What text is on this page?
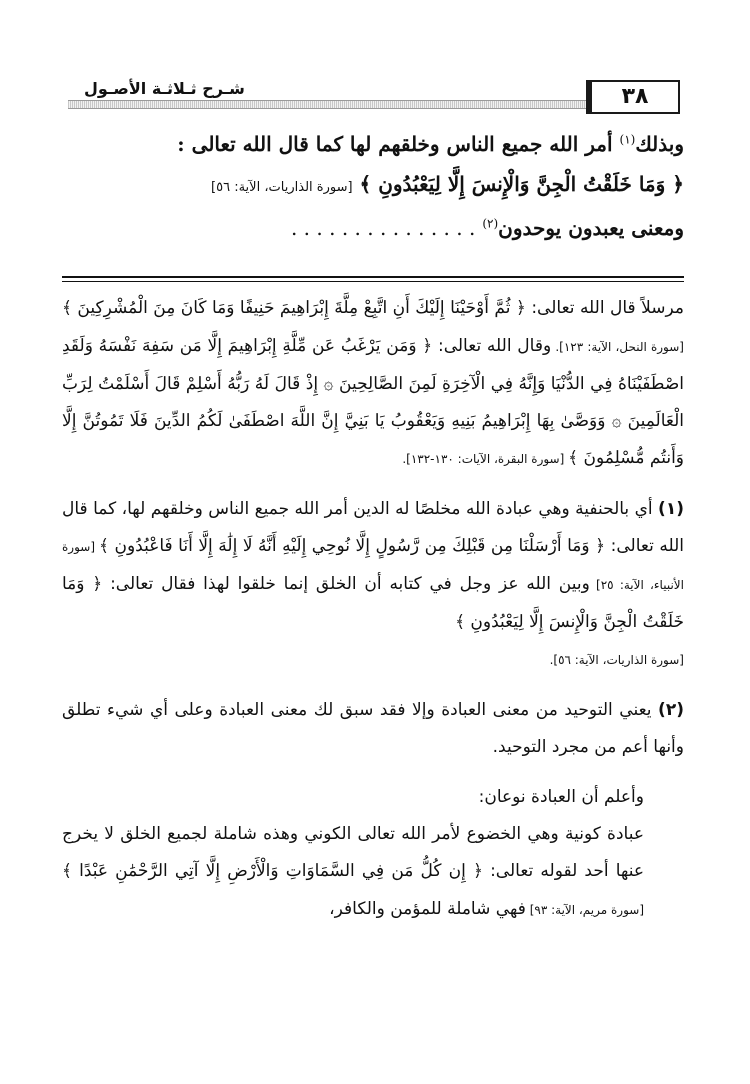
شـرح ثـلاثـة الأصـول	٣٨

وبذلك$^{(١)}$ أمر الله جميع الناس وخلقهم لها كما قال الله تعالى :

﴿ وَمَا خَلَقْتُ الْجِنَّ وَالْإِنسَ إِلَّا لِيَعْبُدُونِ ﴾ [سورة الذاريات، الآية: ٥٦]

ومعنى يعبدون يوحدون$^{(٢)}$ . . . . . . . . . . . . . . .

مرسلاً قال الله تعالى: ﴿ ثُمَّ أَوْحَيْنَا إِلَيْكَ أَنِ اتَّبِعْ مِلَّةَ إِبْرَاهِيمَ حَنِيفًا وَمَا كَانَ مِنَ الْمُشْرِكِينَ ﴾ [سورة النحل، الآية: ١٢٣]. وقال الله تعالى: ﴿ وَمَن يَرْغَبُ عَن مِّلَّةِ إِبْرَاهِيمَ إِلَّا مَن سَفِهَ نَفْسَهُ وَلَقَدِ اصْطَفَيْنَاهُ فِي الدُّنْيَا وَإِنَّهُ فِي الْآخِرَةِ لَمِنَ الصَّالِحِينَ ۞ إِذْ قَالَ لَهُ رَبُّهُ أَسْلِمْ قَالَ أَسْلَمْتُ لِرَبِّ الْعَالَمِينَ ۞ وَوَصَّىٰ بِهَا إِبْرَاهِيمُ بَنِيهِ وَيَعْقُوبُ يَا بَنِيَّ إِنَّ اللَّهَ اصْطَفَىٰ لَكُمُ الدِّينَ فَلَا تَمُوتُنَّ إِلَّا وَأَنتُم مُّسْلِمُونَ ﴾ [سورة البقرة، الآيات: ١٣٠-١٣٢].

(١) أي بالحنفية وهي عبادة الله مخلصًا له الدين أمر الله جميع الناس وخلقهم لها، كما قال الله تعالى: ﴿ وَمَا أَرْسَلْنَا مِن قَبْلِكَ مِن رَّسُولٍ إِلَّا نُوحِي إِلَيْهِ أَنَّهُ لَا إِلَٰهَ إِلَّا أَنَا فَاعْبُدُونِ ﴾ [سورة الأنبياء، الآية: ٢٥] وبين الله عز وجل في كتابه أن الخلق إنما خلقوا لهذا فقال تعالى: ﴿ وَمَا خَلَقْتُ الْجِنَّ وَالْإِنسَ إِلَّا لِيَعْبُدُونِ ﴾
[سورة الذاريات، الآية: ٥٦].

(٢) يعني التوحيد من معنى العبادة وإلا فقد سبق لك معنى العبادة وعلى أي شيء تطلق وأنها أعم من مجرد التوحيد.

وأعلم أن العبادة نوعان:

عبادة كونية وهي الخضوع لأمر الله تعالى الكوني وهذه شاملة لجميع الخلق لا يخرج عنها أحد لقوله تعالى: ﴿ إِن كُلُّ مَن فِي السَّمَاوَاتِ وَالْأَرْضِ إِلَّا آتِي الرَّحْمَٰنِ عَبْدًا ﴾ [سورة مريم، الآية: ٩٣] فهي شاملة للمؤمن والكافر،
